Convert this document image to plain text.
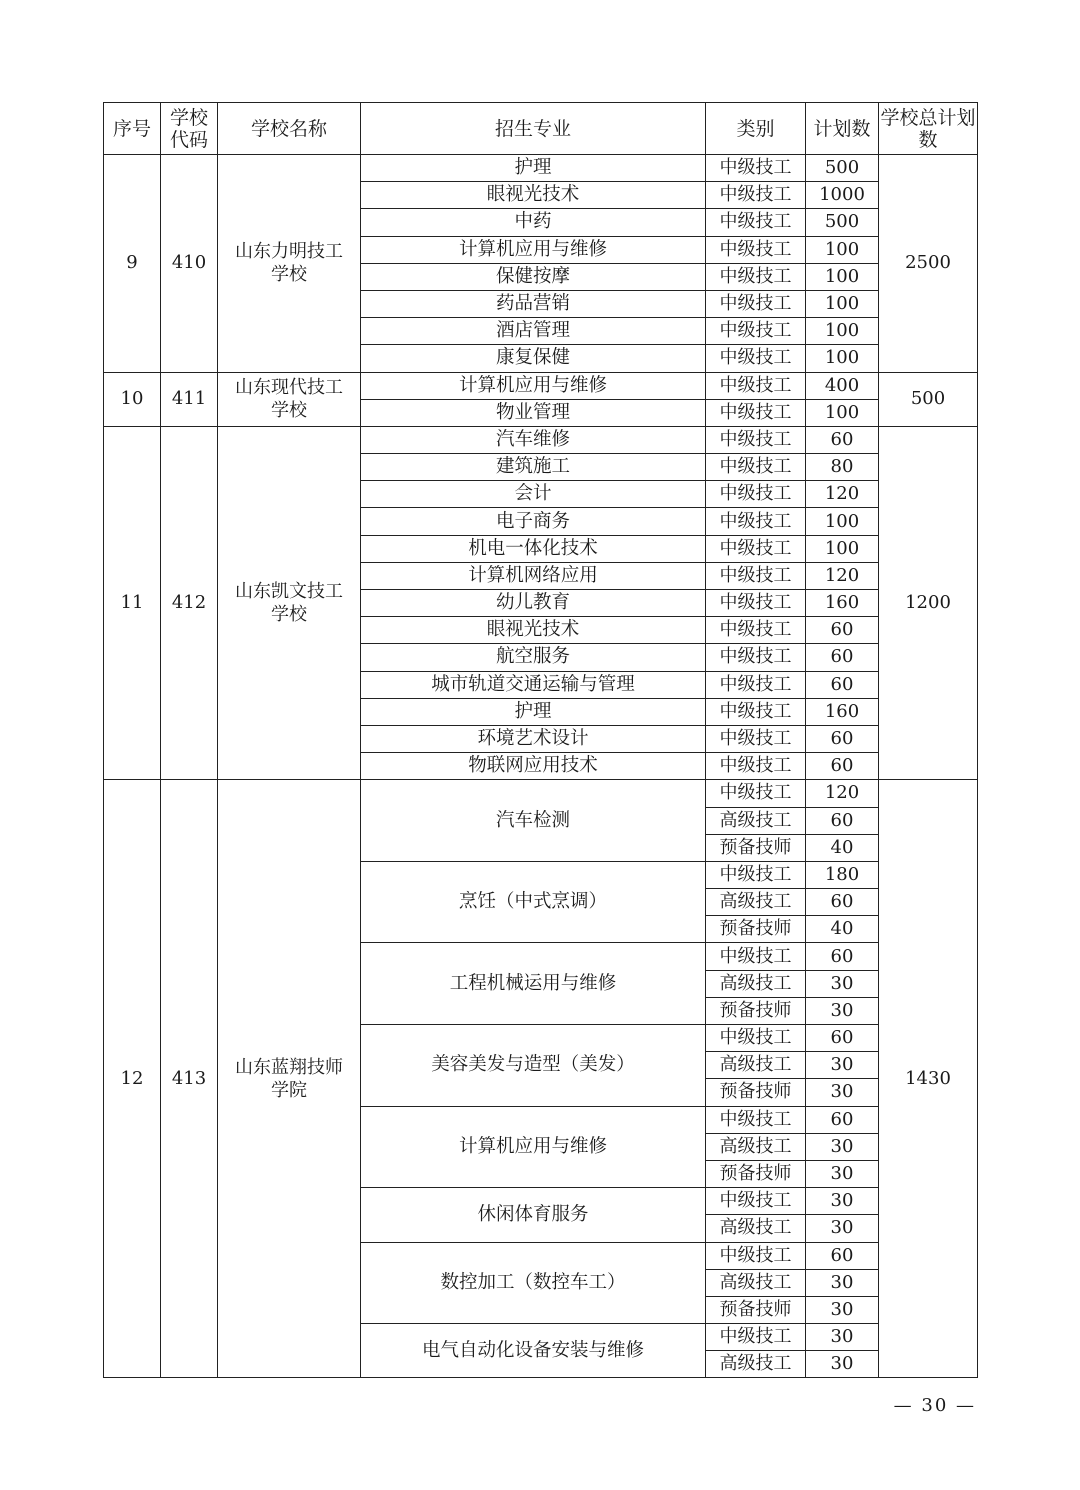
序号	学校代码	学校名称	招生专业	类别	计划数	学校总计划数
9	410	山东力明技工学校	护理	中级技工	500	2500
			眼视光技术	中级技工	1000	
			中药	中级技工	500	
			计算机应用与维修	中级技工	100	
			保健按摩	中级技工	100	
			药品营销	中级技工	100	
			酒店管理	中级技工	100	
			康复保健	中级技工	100	
10	411	山东现代技工学校	计算机应用与维修	中级技工	400	500
			物业管理	中级技工	100	
11	412	山东凯文技工学校	汽车维修	中级技工	60	1200
			建筑施工	中级技工	80	
			会计	中级技工	120	
			电子商务	中级技工	100	
			机电一体化技术	中级技工	100	
			计算机网络应用	中级技工	120	
			幼儿教育	中级技工	160	
			眼视光技术	中级技工	60	
			航空服务	中级技工	60	
			城市轨道交通运输与管理	中级技工	60	
			护理	中级技工	160	
			环境艺术设计	中级技工	60	
			物联网应用技术	中级技工	60	
12	413	山东蓝翔技师学院	汽车检测	中级技工	120	1430
				高级技工	60	
				预备技师	40	
			烹饪（中式烹调）	中级技工	180	
				高级技工	60	
				预备技师	40	
			工程机械运用与维修	中级技工	60	
				高级技工	30	
				预备技师	30	
			美容美发与造型（美发）	中级技工	60	
				高级技工	30	
				预备技师	30	
			计算机应用与维修	中级技工	60	
				高级技工	30	
				预备技师	30	
			休闲体育服务	中级技工	30	
				高级技工	30	
			数控加工（数控车工）	中级技工	60	
				高级技工	30	
				预备技师	30	
			电气自动化设备安装与维修	中级技工	30	
				高级技工	30	
— 30 —
